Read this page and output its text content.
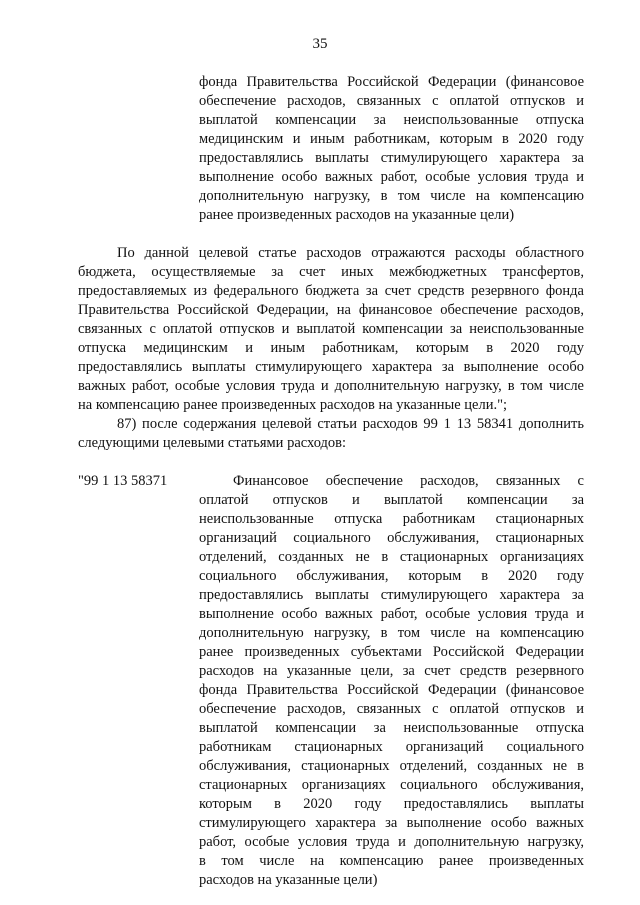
35
фонда Правительства Российской Федерации (финансовое
обеспечение расходов, связанных с оплатой отпусков и
выплатой компенсации за неиспользованные отпуска
медицинским и иным работникам, которым в 2020 году
предоставлялись выплаты стимулирующего характера за
выполнение особо важных работ, особые условия труда и
дополнительную нагрузку, в том числе на компенсацию
ранее произведенных расходов на указанные цели)
По данной целевой статье расходов отражаются расходы областного
бюджета, осуществляемые за счет иных межбюджетных трансфертов,
предоставляемых из федерального бюджета за счет средств резервного фонда
Правительства Российской Федерации, на финансовое обеспечение расходов,
связанных с оплатой отпусков и выплатой компенсации за неиспользованные
отпуска медицинским и иным работникам, которым в 2020 году
предоставлялись выплаты стимулирующего характера за выполнение особо
важных работ, особые условия труда и дополнительную нагрузку, в том числе
на компенсацию ранее произведенных расходов на указанные цели.";
87) после содержания целевой статьи расходов 99 1 13 58341 дополнить
следующими целевыми статьями расходов:
"99 1 13 58371	Финансовое обеспечение расходов, связанных с
оплатой отпусков и выплатой компенсации за
неиспользованные отпуска работникам стационарных
организаций социального обслуживания, стационарных
отделений, созданных не в стационарных организациях
социального обслуживания, которым в 2020 году
предоставлялись выплаты стимулирующего характера за
выполнение особо важных работ, особые условия труда и
дополнительную нагрузку, в том числе на компенсацию
ранее произведенных субъектами Российской Федерации
расходов на указанные цели, за счет средств резервного
фонда Правительства Российской Федерации (финансовое
обеспечение расходов, связанных с оплатой отпусков и
выплатой компенсации за неиспользованные отпуска
работникам стационарных организаций социального
обслуживания, стационарных отделений, созданных не в
стационарных организациях социального обслуживания,
которым в 2020 году предоставлялись выплаты
стимулирующего характера за выполнение особо важных
работ, особые условия труда и дополнительную нагрузку,
в том числе на компенсацию ранее произведенных
расходов на указанные цели)
